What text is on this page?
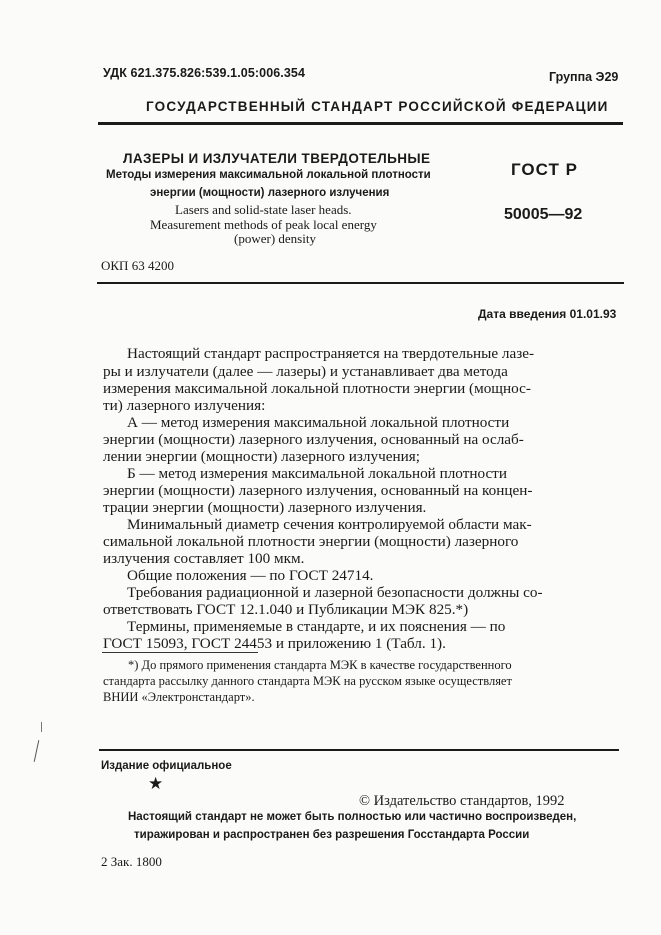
УДК 621.375.826:539.1.05:006.354	Группа Э29
ГОСУДАРСТВЕННЫЙ СТАНДАРТ РОССИЙСКОЙ ФЕДЕРАЦИИ
ЛАЗЕРЫ И ИЗЛУЧАТЕЛИ ТВЕРДОТЕЛЬНЫЕ
Методы измерения максимальной локальной плотности
энергии (мощности) лазерного излучения
Lasers and solid-state laser heads.
Measurement methods of peak local energy
(power) density
ГОСТ Р
50005—92
ОКП 63 4200
Дата введения 01.01.93
Настоящий стандарт распространяется на твердотельные лазе-
ры и излучатели (далее — лазеры) и устанавливает два метода
измерения максимальной локальной плотности энергии (мощнос-
ти) лазерного излучения:
А — метод измерения максимальной локальной плотности
энергии (мощности) лазерного излучения, основанный на ослаб-
лении энергии (мощности) лазерного излучения;
Б — метод измерения максимальной локальной плотности
энергии (мощности) лазерного излучения, основанный на концен-
трации энергии (мощности) лазерного излучения.
Минимальный диаметр сечения контролируемой области мак-
симальной локальной плотности энергии (мощности) лазерного
излучения составляет 100 мкм.
Общие положения — по ГОСТ 24714.
Требования радиационной и лазерной безопасности должны со-
ответствовать ГОСТ 12.1.040 и Публикации МЭК 825.*)
Термины, применяемые в стандарте, и их пояснения — по
ГОСТ 15093, ГОСТ 24453 и приложению 1 (Табл. 1).
*) До прямого применения стандарта МЭК в качестве государственного
стандарта рассылку данного стандарта МЭК на русском языке осуществляет
ВНИИ «Электронстандарт».
Издание официальное
★
© Издательство стандартов, 1992
Настоящий стандарт не может быть полностью или частично воспроизведен,
тиражирован и распространен без разрешения Госстандарта России
2 Зак. 1800
